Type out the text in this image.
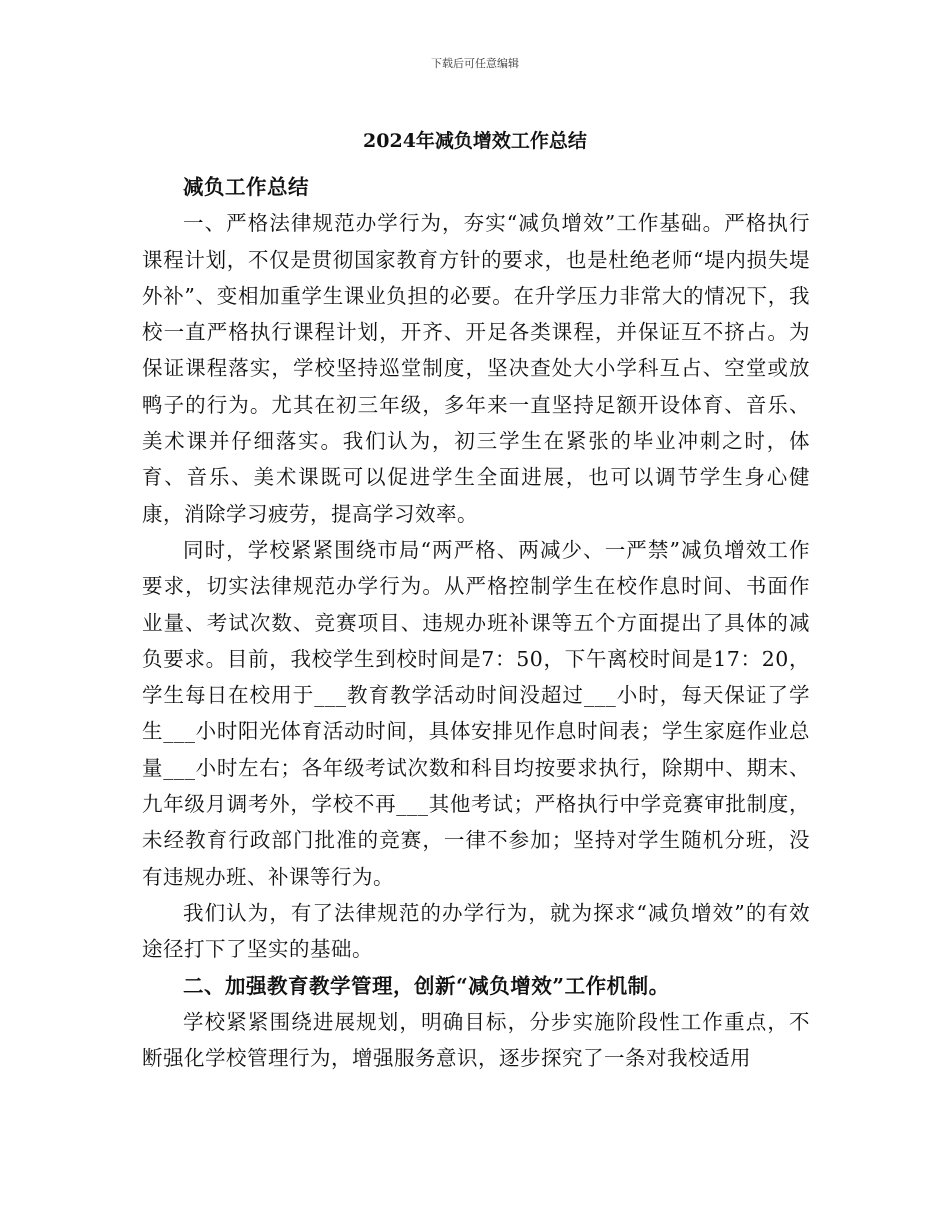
下载后可任意编辑
2024年减负增效工作总结

减负工作总结

一、严格法律规范办学行为，夯实“减负增效”工作基础。严格执行课程计划，不仅是贯彻国家教育方针的要求，也是杜绝老师“堤内损失堤外补”、变相加重学生课业负担的必要。在升学压力非常大的情况下，我校一直严格执行课程计划，开齐、开足各类课程，并保证互不挤占。为保证课程落实，学校坚持巡堂制度，坚决查处大小学科互占、空堂或放鸭子的行为。尤其在初三年级，多年来一直坚持足额开设体育、音乐、美术课并仔细落实。我们认为，初三学生在紧张的毕业冲刺之时，体育、音乐、美术课既可以促进学生全面进展，也可以调节学生身心健康，消除学习疲劳，提高学习效率。

同时，学校紧紧围绕市局“两严格、两减少、一严禁”减负增效工作要求，切实法律规范办学行为。从严格控制学生在校作息时间、书面作业量、考试次数、竞赛项目、违规办班补课等五个方面提出了具体的减负要求。目前，我校学生到校时间是7：50，下午离校时间是17：20，学生每日在校用于___教育教学活动时间没超过___小时，每天保证了学生___小时阳光体育活动时间，具体安排见作息时间表；学生家庭作业总量___小时左右；各年级考试次数和科目均按要求执行，除期中、期末、九年级月调考外，学校不再___其他考试；严格执行中学竞赛审批制度，未经教育行政部门批准的竞赛，一律不参加；坚持对学生随机分班，没有违规办班、补课等行为。

我们认为，有了法律规范的办学行为，就为探求“减负增效”的有效途径打下了坚实的基础。

二、加强教育教学管理，创新“减负增效”工作机制。

学校紧紧围绕进展规划，明确目标，分步实施阶段性工作重点，不断强化学校管理行为，增强服务意识，逐步探究了一条对我校适用
